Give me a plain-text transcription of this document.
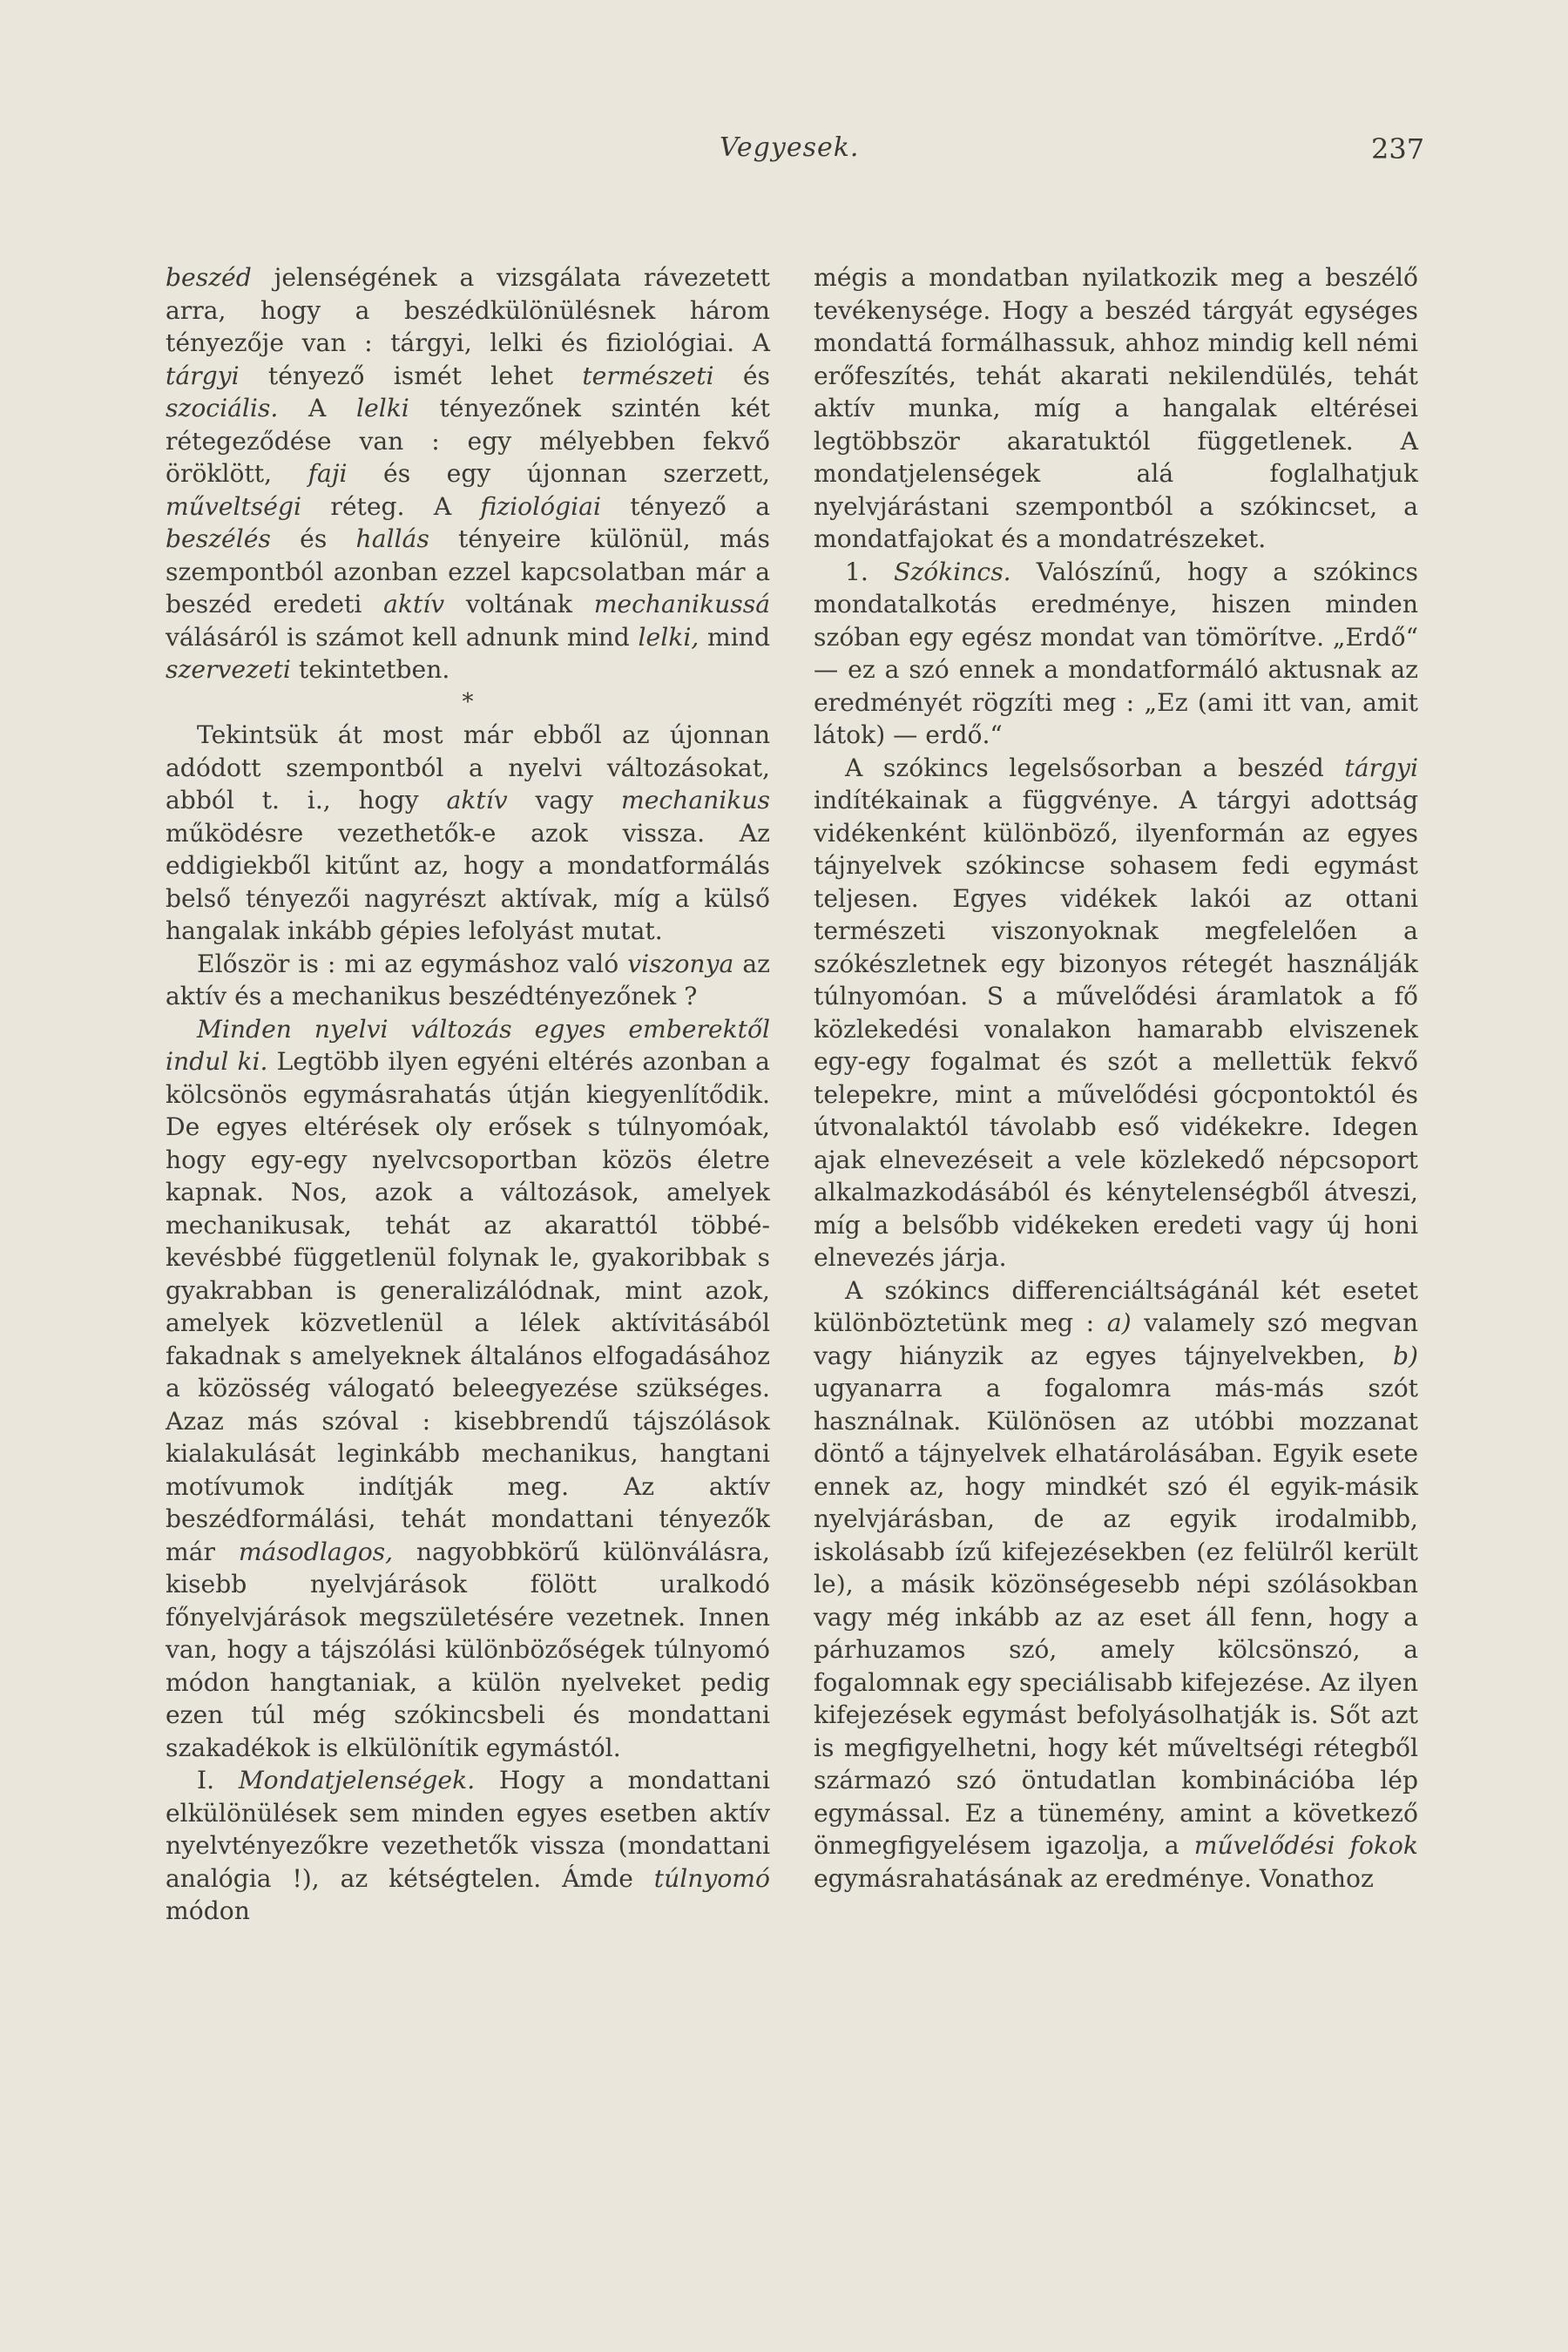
Vegyesek.	237

beszéd jelenségének a vizsgálata rávezetett arra, hogy a beszédkülönülésnek három tényezője van : tárgyi, lelki és fiziológiai. A tárgyi tényező ismét lehet természeti és szociális. A lelki tényezőnek szintén két rétegeződése van : egy mélyebben fekvő öröklött, faji és egy újonnan szerzett, műveltségi réteg. A fiziológiai tényező a beszélés és hallás tényeire különül, más szempontból azonban ezzel kapcsolatban már a beszéd eredeti aktív voltának mechanikussá válásáról is számot kell adnunk mind lelki, mind szervezeti tekintetben.

*

Tekintsük át most már ebből az újonnan adódott szempontból a nyelvi változásokat, abból t. i., hogy aktív vagy mechanikus működésre vezethetők-e azok vissza. Az eddigiekből kitűnt az, hogy a mondatformálás belső tényezői nagyrészt aktívak, míg a külső hangalak inkább gépies lefolyást mutat.

Először is : mi az egymáshoz való viszonya az aktív és a mechanikus beszédtényezőnek ?

Minden nyelvi változás egyes emberektől indul ki. Legtöbb ilyen egyéni eltérés azonban a kölcsönös egymásrahatás útján kiegyenlítődik. De egyes eltérések oly erősek s túlnyomóak, hogy egy-egy nyelvcsoportban közös életre kapnak. Nos, azok a változások, amelyek mechanikusak, tehát az akarattól többé-kevésbbé függetlenül folynak le, gyakoribbak s gyakrabban is generalizálódnak, mint azok, amelyek közvetlenül a lélek aktívitásából fakadnak s amelyeknek általános elfogadásához a közösség válogató beleegyezése szükséges. Azaz más szóval : kisebbrendű tájszólások kialakulását leginkább mechanikus, hangtani motívumok indítják meg. Az aktív beszédformálási, tehát mondattani tényezők már másodlagos, nagyobbkörű különválásra, kisebb nyelvjárások fölött uralkodó főnyelvjárások megszületésére vezetnek. Innen van, hogy a tájszólási különbözőségek túlnyomó módon hangtaniak, a külön nyelveket pedig ezen túl még szókincsbeli és mondattani szakadékok is elkülönítik egymástól.

I. Mondatjelenségek. Hogy a mondattani elkülönülések sem minden egyes esetben aktív nyelvtényezőkre vezethetők vissza (mondattani analógia !), az kétségtelen. Ámde túlnyomó módon

mégis a mondatban nyilatkozik meg a beszélő tevékenysége. Hogy a beszéd tárgyát egységes mondattá formálhassuk, ahhoz mindig kell némi erőfeszítés, tehát akarati nekilendülés, tehát aktív munka, míg a hangalak eltérései legtöbbször akaratuktól függetlenek. A mondatjelenségek alá foglalhatjuk nyelvjárástani szempontból a szókincset, a mondatfajokat és a mondatrészeket.

1. Szókincs. Valószínű, hogy a szókincs mondatalkotás eredménye, hiszen minden szóban egy egész mondat van tömörítve. „Erdő“ — ez a szó ennek a mondatformáló aktusnak az eredményét rögzíti meg : „Ez (ami itt van, amit látok) — erdő.“

A szókincs legelsősorban a beszéd tárgyi indítékainak a függvénye. A tárgyi adottság vidékenként különböző, ilyenformán az egyes tájnyelvek szókincse sohasem fedi egymást teljesen. Egyes vidékek lakói az ottani természeti viszonyoknak megfelelően a szókészletnek egy bizonyos rétegét használják túlnyomóan. S a művelődési áramlatok a fő közlekedési vonalakon hamarabb elviszenek egy-egy fogalmat és szót a mellettük fekvő telepekre, mint a művelődési gócpontoktól és útvonalaktól távolabb eső vidékekre. Idegen ajak elnevezéseit a vele közlekedő népcsoport alkalmazkodásából és kénytelenségből átveszi, míg a belsőbb vidékeken eredeti vagy új honi elnevezés járja.

A szókincs differenciáltságánál két esetet különböztetünk meg : a) valamely szó megvan vagy hiányzik az egyes tájnyelvekben, b) ugyanarra a fogalomra más-más szót használnak. Különösen az utóbbi mozzanat döntő a tájnyelvek elhatárolásában. Egyik esete ennek az, hogy mindkét szó él egyik-másik nyelvjárásban, de az egyik irodalmibb, iskolásabb ízű kifejezésekben (ez felülről került le), a másik közönségesebb népi szólásokban vagy még inkább az az eset áll fenn, hogy a párhuzamos szó, amely kölcsönszó, a fogalomnak egy speciálisabb kifejezése. Az ilyen kifejezések egymást befolyásolhatják is. Sőt azt is megfigyelhetni, hogy két műveltségi rétegből származó szó öntudatlan kombinációba lép egymással. Ez a tünemény, amint a következő önmegfigyelésem igazolja, a művelődési fokok egymásrahatásának az eredménye. Vonathoz
